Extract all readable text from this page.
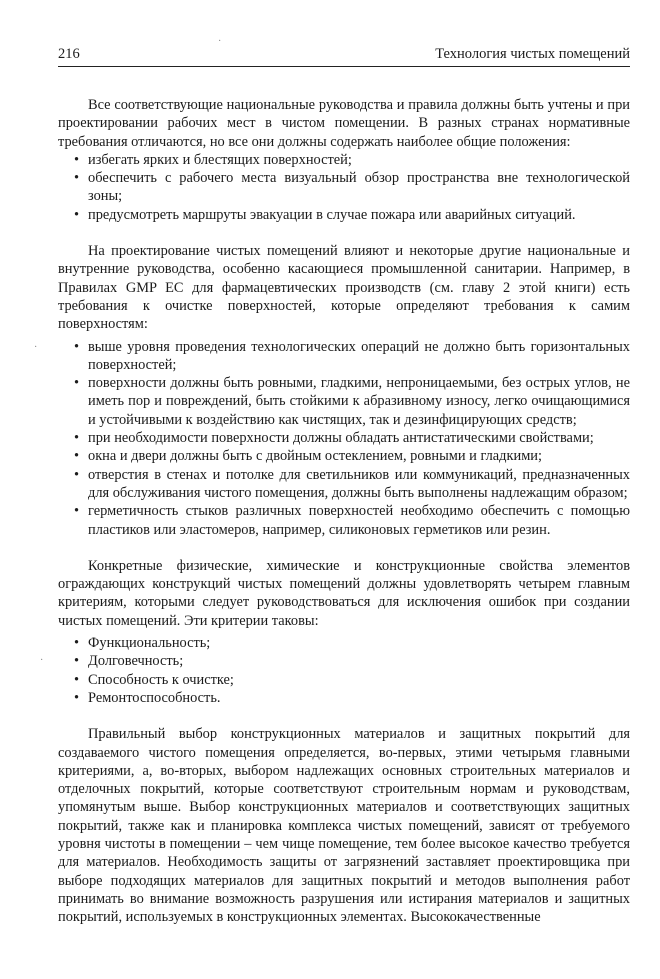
216	Технология чистых помещений
·
·
·

Все соответствующие национальные руководства и правила должны быть учтены и при проектировании рабочих мест в чистом помещении. В разных странах нормативные требования отличаются, но все они должны содержать наиболее общие положения:

• избегать ярких и блестящих поверхностей;
• обеспечить с рабочего места визуальный обзор пространства вне технологической зоны;
• предусмотреть маршруты эвакуации в случае пожара или аварийных ситуаций.

На проектирование чистых помещений влияют и некоторые другие национальные и внутренние руководства, особенно касающиеся промышленной санитарии. Например, в Правилах GMP ЕС для фармацевтических производств (см. главу 2 этой книги) есть требования к очистке поверхностей, которые определяют требования к самим поверхностям:

• выше уровня проведения технологических операций не должно быть горизонтальных поверхностей;
• поверхности должны быть ровными, гладкими, непроницаемыми, без острых углов, не иметь пор и повреждений, быть стойкими к абразивному износу, легко очищающимися и устойчивыми к воздействию как чистящих, так и дезинфицирующих средств;
• при необходимости поверхности должны обладать антистатическими свойствами;
• окна и двери должны быть с двойным остеклением, ровными и гладкими;
• отверстия в стенах и потолке для светильников или коммуникаций, предназначенных для обслуживания чистого помещения, должны быть выполнены надлежащим образом;
• герметичность стыков различных поверхностей необходимо обеспечить с помощью пластиков или эластомеров, например, силиконовых герметиков или резин.

Конкретные физические, химические и конструкционные свойства элементов ограждающих конструкций чистых помещений должны удовлетворять четырем главным критериям, которыми следует руководствоваться для исключения ошибок при создании чистых помещений. Эти критерии таковы:

• Функциональность;
• Долговечность;
• Способность к очистке;
• Ремонтоспособность.

Правильный выбор конструкционных материалов и защитных покрытий для создаваемого чистого помещения определяется, во-первых, этими четырьмя главными критериями, а, во-вторых, выбором надлежащих основных строительных материалов и отделочных покрытий, которые соответствуют строительным нормам и руководствам, упомянутым выше. Выбор конструкционных материалов и соответствующих защитных покрытий, также как и планировка комплекса чистых помещений, зависят от требуемого уровня чистоты в помещении – чем чище помещение, тем более высокое качество требуется для материалов. Необходимость защиты от загрязнений заставляет проектировщика при выборе подходящих материалов для защитных покрытий и методов выполнения работ принимать во внимание возможность разрушения или истирания материалов и защитных покрытий, используемых в конструкционных элементах. Высококачественные
